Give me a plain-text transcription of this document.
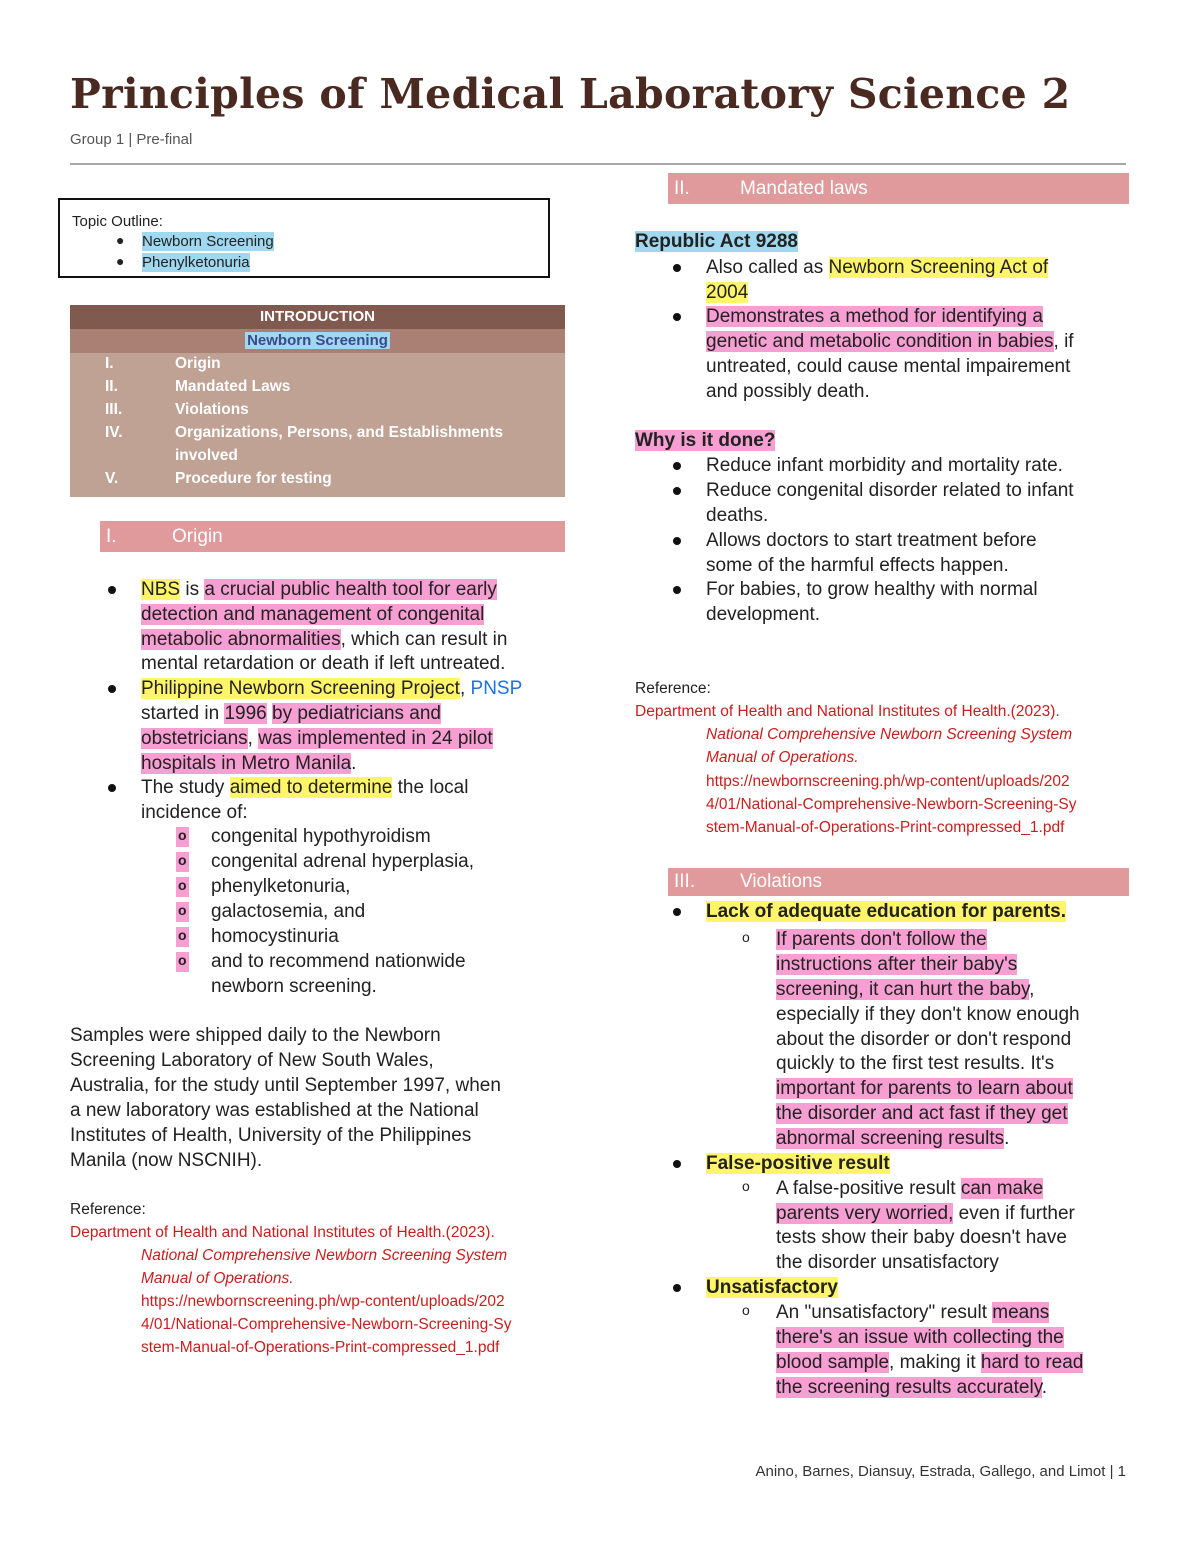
Principles of Medical Laboratory Science 2
Group 1 | Pre-final
Topic Outline:
● Newborn Screening
● Phenylketonuria
INTRODUCTION
Newborn Screening
I.	Origin
II.	Mandated Laws
III.	Violations
IV.	Organizations, Persons, and Establishments
involved
V.	Procedure for testing
I.	Origin
NBS is a crucial public health tool for early
detection and management of congenital
metabolic abnormalities, which can result in
mental retardation or death if left untreated.
Philippine Newborn Screening Project, PNSP
started in 1996 by pediatricians and
obstetricians, was implemented in 24 pilot
hospitals in Metro Manila.
The study aimed to determine the local
incidence of:
o congenital hypothyroidism
o congenital adrenal hyperplasia,
o phenylketonuria,
o galactosemia, and
o homocystinuria
o and to recommend nationwide
newborn screening.
Samples were shipped daily to the Newborn
Screening Laboratory of New South Wales,
Australia, for the study until September 1997, when
a new laboratory was established at the National
Institutes of Health, University of the Philippines
Manila (now NSCNIH).
Reference:
Department of Health and National Institutes of Health.(2023).
National Comprehensive Newborn Screening System
Manual of Operations.
https://newbornscreening.ph/wp-content/uploads/202
4/01/National-Comprehensive-Newborn-Screening-Sy
stem-Manual-of-Operations-Print-compressed_1.pdf
II.	Mandated laws
Republic Act 9288
Also called as Newborn Screening Act of
2004
Demonstrates a method for identifying a
genetic and metabolic condition in babies, if
untreated, could cause mental impairement
and possibly death.
Why is it done?
Reduce infant morbidity and mortality rate.
Reduce congenital disorder related to infant
deaths.
Allows doctors to start treatment before
some of the harmful effects happen.
For babies, to grow healthy with normal
development.
Reference:
Department of Health and National Institutes of Health.(2023).
National Comprehensive Newborn Screening System
Manual of Operations.
https://newbornscreening.ph/wp-content/uploads/202
4/01/National-Comprehensive-Newborn-Screening-Sy
stem-Manual-of-Operations-Print-compressed_1.pdf
III. Violations
Lack of adequate education for parents.
o If parents don't follow the
instructions after their baby's
screening, it can hurt the baby,
especially if they don't know enough
about the disorder or don't respond
quickly to the first test results. It's
important for parents to learn about
the disorder and act fast if they get
abnormal screening results.
False-positive result
o A false-positive result can make
parents very worried, even if further
tests show their baby doesn't have
the disorder unsatisfactory
Unsatisfactory
o An "unsatisfactory" result means
there's an issue with collecting the
blood sample, making it hard to read
the screening results accurately.
Anino, Barnes, Diansuy, Estrada, Gallego, and Limot | 1
